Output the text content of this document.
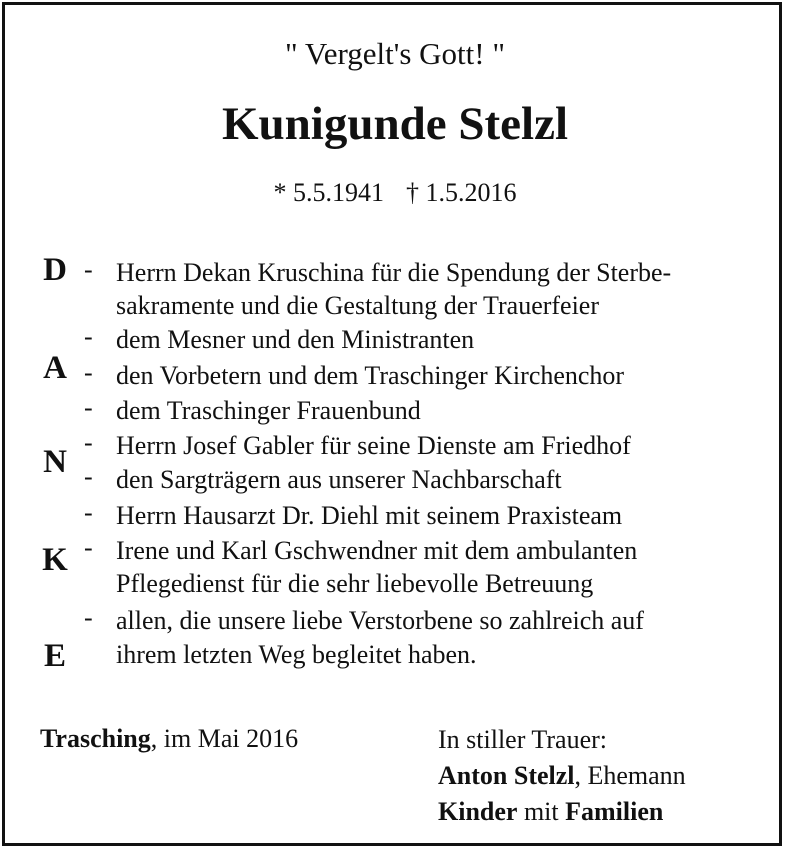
" Vergelt's Gott! "
Kunigunde Stelzl
* 5.5.1941 † 1.5.2016
D
A
N
K
E
- Herrn Dekan Kruschina für die Spendung der Sterbe-
sakramente und die Gestaltung der Trauerfeier
- dem Mesner und den Ministranten
- den Vorbetern und dem Traschinger Kirchenchor
- dem Traschinger Frauenbund
- Herrn Josef Gabler für seine Dienste am Friedhof
- den Sargträgern aus unserer Nachbarschaft
- Herrn Hausarzt Dr. Diehl mit seinem Praxisteam
- Irene und Karl Gschwendner mit dem ambulanten
Pflegedienst für die sehr liebevolle Betreuung
- allen, die unsere liebe Verstorbene so zahlreich auf
ihrem letzten Weg begleitet haben.
Trasching, im Mai 2016	In stiller Trauer:
Anton Stelzl, Ehemann
Kinder mit Familien
